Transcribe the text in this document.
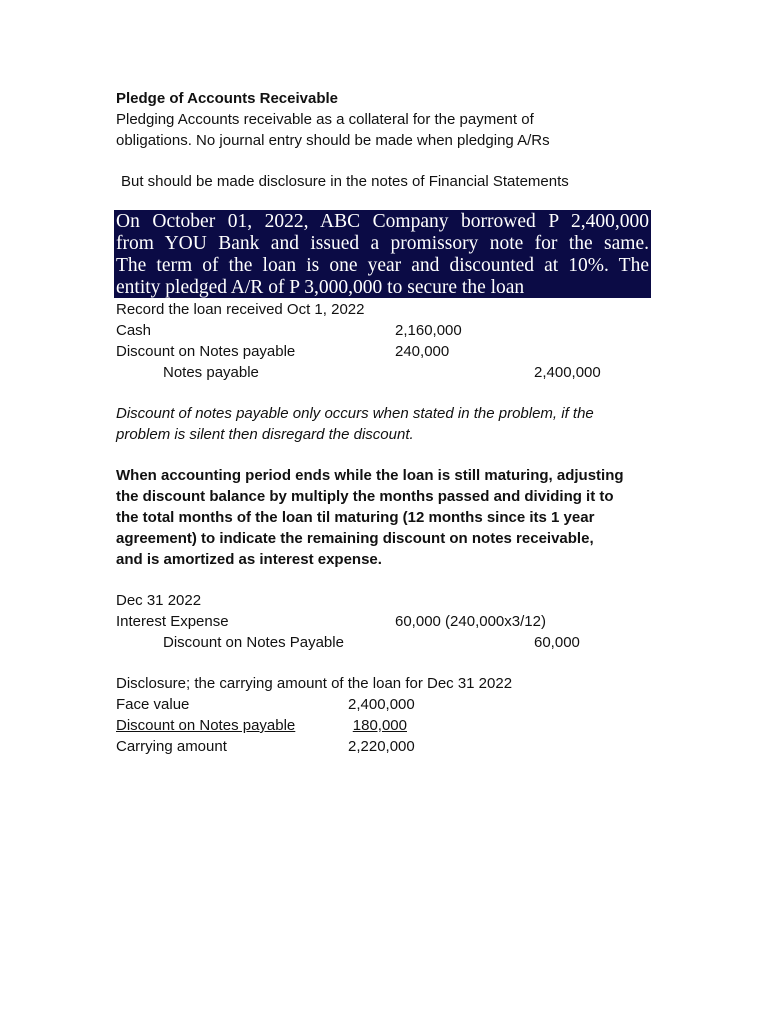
Pledge of Accounts Receivable
Pledging Accounts receivable as a collateral for the payment of
obligations. No journal entry should be made when pledging A/Rs
But should be made disclosure in the notes of Financial Statements

On October 01, 2022, ABC Company borrowed P 2,400,000

from YOU Bank and issued a promissory note for the same.

The term of the loan is one year and discounted at 10%. The

entity pledged A/R of P 3,000,000 to secure the loan

Record the loan received Oct 1, 2022
Cash	2,160,000
Discount on Notes payable	240,000
Notes payable	2,400,000
Discount of notes payable only occurs when stated in the problem, if the
problem is silent then disregard the discount.
When accounting period ends while the loan is still maturing, adjusting
the discount balance by multiply the months passed and dividing it to
the total months of the loan til maturing (12 months since its 1 year
agreement) to indicate the remaining discount on notes receivable,
and is amortized as interest expense.
Dec 31 2022
Interest Expense	60,000 (240,000x3/12)
Discount on Notes Payable	60,000
Disclosure; the carrying amount of the loan for Dec 31 2022
Face value	2,400,000
Discount on Notes payable	180,000
Carrying amount	2,220,000
